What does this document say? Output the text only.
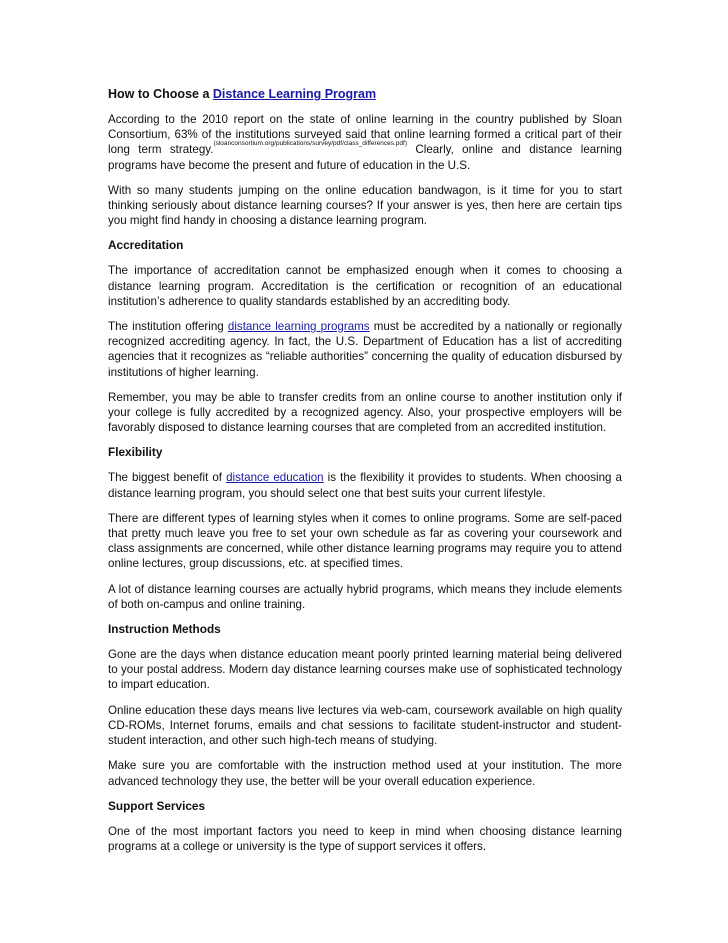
How to Choose a Distance Learning Program

According to the 2010 report on the state of online learning in the country published by Sloan Consortium, 63% of the institutions surveyed said that online learning formed a critical part of their long term strategy.$^{(sloanconsortium.org/publications/survey/pdf/class\_differences.pdf)}$ Clearly, online and distance learning programs have become the present and future of education in the U.S.

With so many students jumping on the online education bandwagon, is it time for you to start thinking seriously about distance learning courses? If your answer is yes, then here are certain tips you might find handy in choosing a distance learning program.

Accreditation

The importance of accreditation cannot be emphasized enough when it comes to choosing a distance learning program. Accreditation is the certification or recognition of an educational institution’s adherence to quality standards established by an accrediting body.

The institution offering distance learning programs must be accredited by a nationally or regionally recognized accrediting agency. In fact, the U.S. Department of Education has a list of accrediting agencies that it recognizes as “reliable authorities” concerning the quality of education disbursed by institutions of higher learning.

Remember, you may be able to transfer credits from an online course to another institution only if your college is fully accredited by a recognized agency. Also, your prospective employers will be favorably disposed to distance learning courses that are completed from an accredited institution.

Flexibility

The biggest benefit of distance education is the flexibility it provides to students. When choosing a distance learning program, you should select one that best suits your current lifestyle.

There are different types of learning styles when it comes to online programs. Some are self-paced that pretty much leave you free to set your own schedule as far as covering your coursework and class assignments are concerned, while other distance learning programs may require you to attend online lectures, group discussions, etc. at specified times.

A lot of distance learning courses are actually hybrid programs, which means they include elements of both on-campus and online training.

Instruction Methods

Gone are the days when distance education meant poorly printed learning material being delivered to your postal address. Modern day distance learning courses make use of sophisticated technology to impart education.

Online education these days means live lectures via web-cam, coursework available on high quality CD-ROMs, Internet forums, emails and chat sessions to facilitate student-instructor and student-student interaction, and other such high-tech means of studying.

Make sure you are comfortable with the instruction method used at your institution. The more advanced technology they use, the better will be your overall education experience.

Support Services

One of the most important factors you need to keep in mind when choosing distance learning programs at a college or university is the type of support services it offers.
